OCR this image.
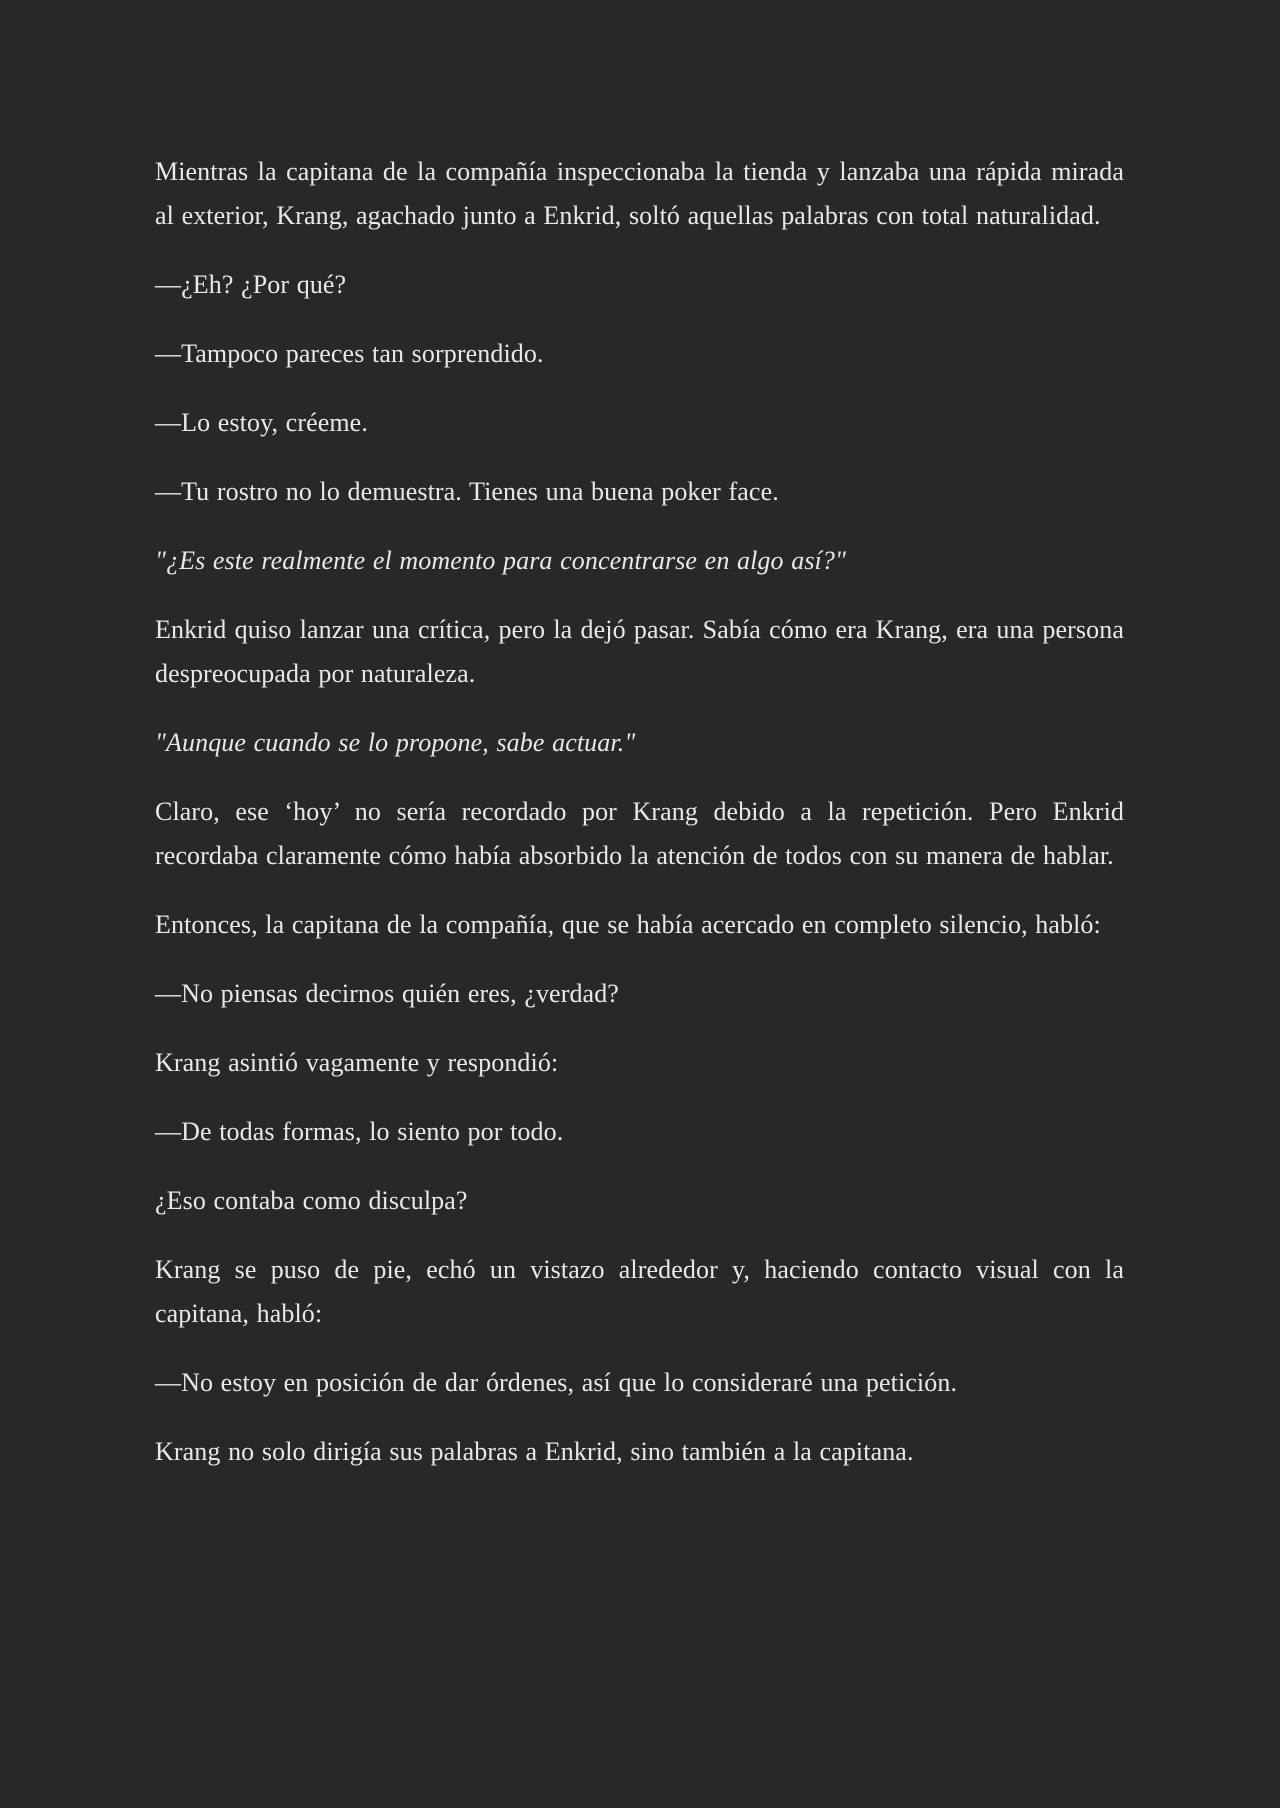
Mientras la capitana de la compañía inspeccionaba la tienda y lanzaba una rápida mirada al exterior, Krang, agachado junto a Enkrid, soltó aquellas palabras con total naturalidad.

—¿Eh? ¿Por qué?

—Tampoco pareces tan sorprendido.

—Lo estoy, créeme.

—Tu rostro no lo demuestra. Tienes una buena poker face.

"¿Es este realmente el momento para concentrarse en algo así?"

Enkrid quiso lanzar una crítica, pero la dejó pasar. Sabía cómo era Krang, era una persona despreocupada por naturaleza.

"Aunque cuando se lo propone, sabe actuar."

Claro, ese ‘hoy’ no sería recordado por Krang debido a la repetición. Pero Enkrid recordaba claramente cómo había absorbido la atención de todos con su manera de hablar.

Entonces, la capitana de la compañía, que se había acercado en completo silencio, habló:

—No piensas decirnos quién eres, ¿verdad?

Krang asintió vagamente y respondió:

—De todas formas, lo siento por todo.

¿Eso contaba como disculpa?

Krang se puso de pie, echó un vistazo alrededor y, haciendo contacto visual con la capitana, habló:

—No estoy en posición de dar órdenes, así que lo consideraré una petición.

Krang no solo dirigía sus palabras a Enkrid, sino también a la capitana.
